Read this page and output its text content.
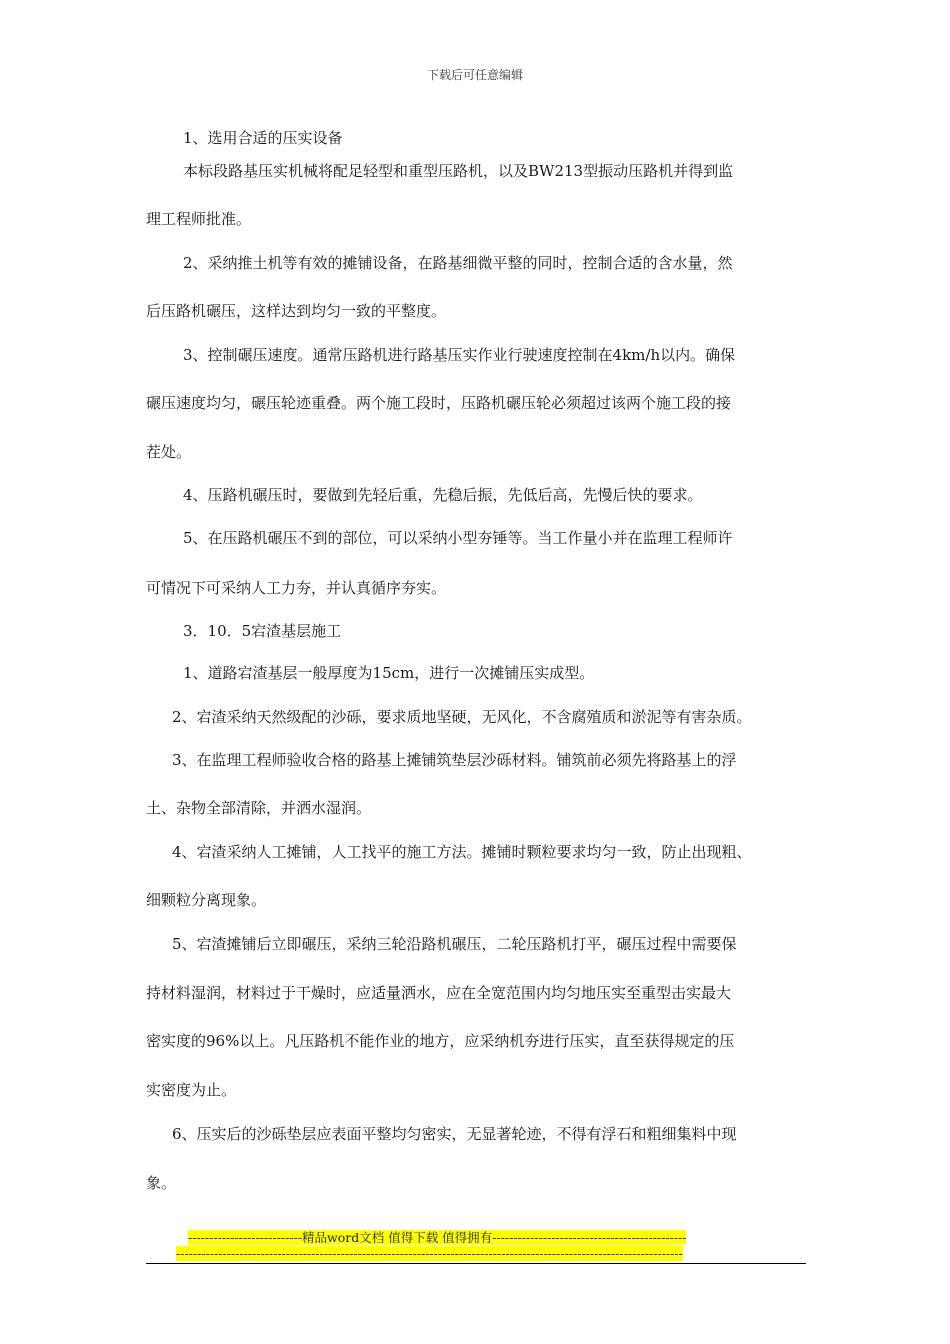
下载后可任意编辑
1、选用合适的压实设备
本标段路基压实机械将配足轻型和重型压路机，以及BW213型振动压路机并得到监
理工程师批准。
2、采纳推土机等有效的摊铺设备，在路基细微平整的同时，控制合适的含水量，然
后压路机碾压，这样达到均匀一致的平整度。
3、控制碾压速度。通常压路机进行路基压实作业行驶速度控制在4km/h以内。确保
碾压速度均匀，碾压轮迹重叠。两个施工段时，压路机碾压轮必须超过该两个施工段的接
茬处。
4、压路机碾压时，要做到先轻后重，先稳后振，先低后高，先慢后快的要求。
5、在压路机碾压不到的部位，可以采纳小型夯锤等。当工作量小并在监理工程师许
可情况下可采纳人工力夯，并认真循序夯实。
3．10．5宕渣基层施工
1、道路宕渣基层一般厚度为15cm，进行一次摊铺压实成型。
2、宕渣采纳天然级配的沙砾，要求质地坚硬，无风化，不含腐殖质和淤泥等有害杂质。
3、在监理工程师验收合格的路基上摊铺筑垫层沙砾材料。铺筑前必须先将路基上的浮
土、杂物全部清除，并洒水湿润。
4、宕渣采纳人工摊铺，人工找平的施工方法。摊铺时颗粒要求均匀一致，防止出现粗、
细颗粒分离现象。
5、宕渣摊铺后立即碾压，采纳三轮沿路机碾压，二轮压路机打平，碾压过程中需要保
持材料湿润，材料过于干燥时，应适量洒水，应在全宽范围内均匀地压实至重型击实最大
密实度的96%以上。凡压路机不能作业的地方，应采纳机夯进行压实，直至获得规定的压
实密度为止。
6、压实后的沙砾垫层应表面平整均匀密实，无显著轮迹，不得有浮石和粗细集料中现
象。
---------------------------精品word文档 值得下载 值得拥有----------------------------------------------
------------------------------------------------------------------------------------------------------------------------
